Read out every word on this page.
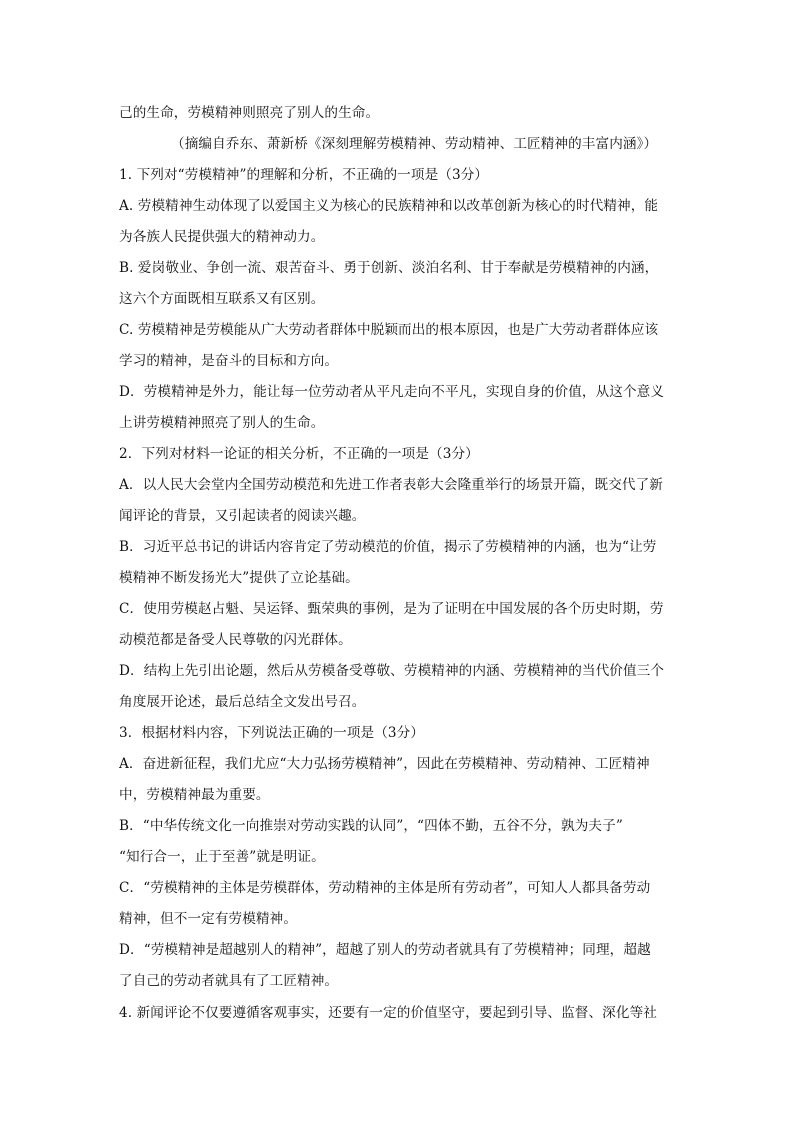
己的生命，劳模精神则照亮了别人的生命。
（摘编自乔东、萧新桥《深刻理解劳模精神、劳动精神、工匠精神的丰富内涵》）
1. 下列对“劳模精神”的理解和分析，不正确的一项是（3分）
A. 劳模精神生动体现了以爱国主义为核心的民族精神和以改革创新为核心的时代精神，能
为各族人民提供强大的精神动力。
B. 爱岗敬业、争创一流、艰苦奋斗、勇于创新、淡泊名利、甘于奉献是劳模精神的内涵，
这六个方面既相互联系又有区别。
C. 劳模精神是劳模能从广大劳动者群体中脱颖而出的根本原因，也是广大劳动者群体应该
学习的精神，是奋斗的目标和方向。
D．劳模精神是外力，能让每一位劳动者从平凡走向不平凡，实现自身的价值，从这个意义
上讲劳模精神照亮了别人的生命。
2．下列对材料一论证的相关分析，不正确的一项是（3分）
A．以人民大会堂内全国劳动模范和先进工作者表彰大会隆重举行的场景开篇，既交代了新
闻评论的背景，又引起读者的阅读兴趣。
B．习近平总书记的讲话内容肯定了劳动模范的价值，揭示了劳模精神的内涵，也为“让劳
模精神不断发扬光大”提供了立论基础。
C．使用劳模赵占魁、吴运铎、甄荣典的事例，是为了证明在中国发展的各个历史时期，劳
动模范都是备受人民尊敬的闪光群体。
D．结构上先引出论题，然后从劳模备受尊敬、劳模精神的内涵、劳模精神的当代价值三个
角度展开论述，最后总结全文发出号召。
3．根据材料内容，下列说法正确的一项是（3分）
A．奋进新征程，我们尤应“大力弘扬劳模精神”，因此在劳模精神、劳动精神、工匠精神
中，劳模精神最为重要。
B．“中华传统文化一向推崇对劳动实践的认同”，“四体不勤，五谷不分，孰为夫子”
“知行合一，止于至善”就是明证。
C．“劳模精神的主体是劳模群体，劳动精神的主体是所有劳动者”，可知人人都具备劳动
精神，但不一定有劳模精神。
D．“劳模精神是超越别人的精神”，超越了别人的劳动者就具有了劳模精神；同理，超越
了自己的劳动者就具有了工匠精神。
4. 新闻评论不仅要遵循客观事实，还要有一定的价值坚守，要起到引导、监督、深化等社
